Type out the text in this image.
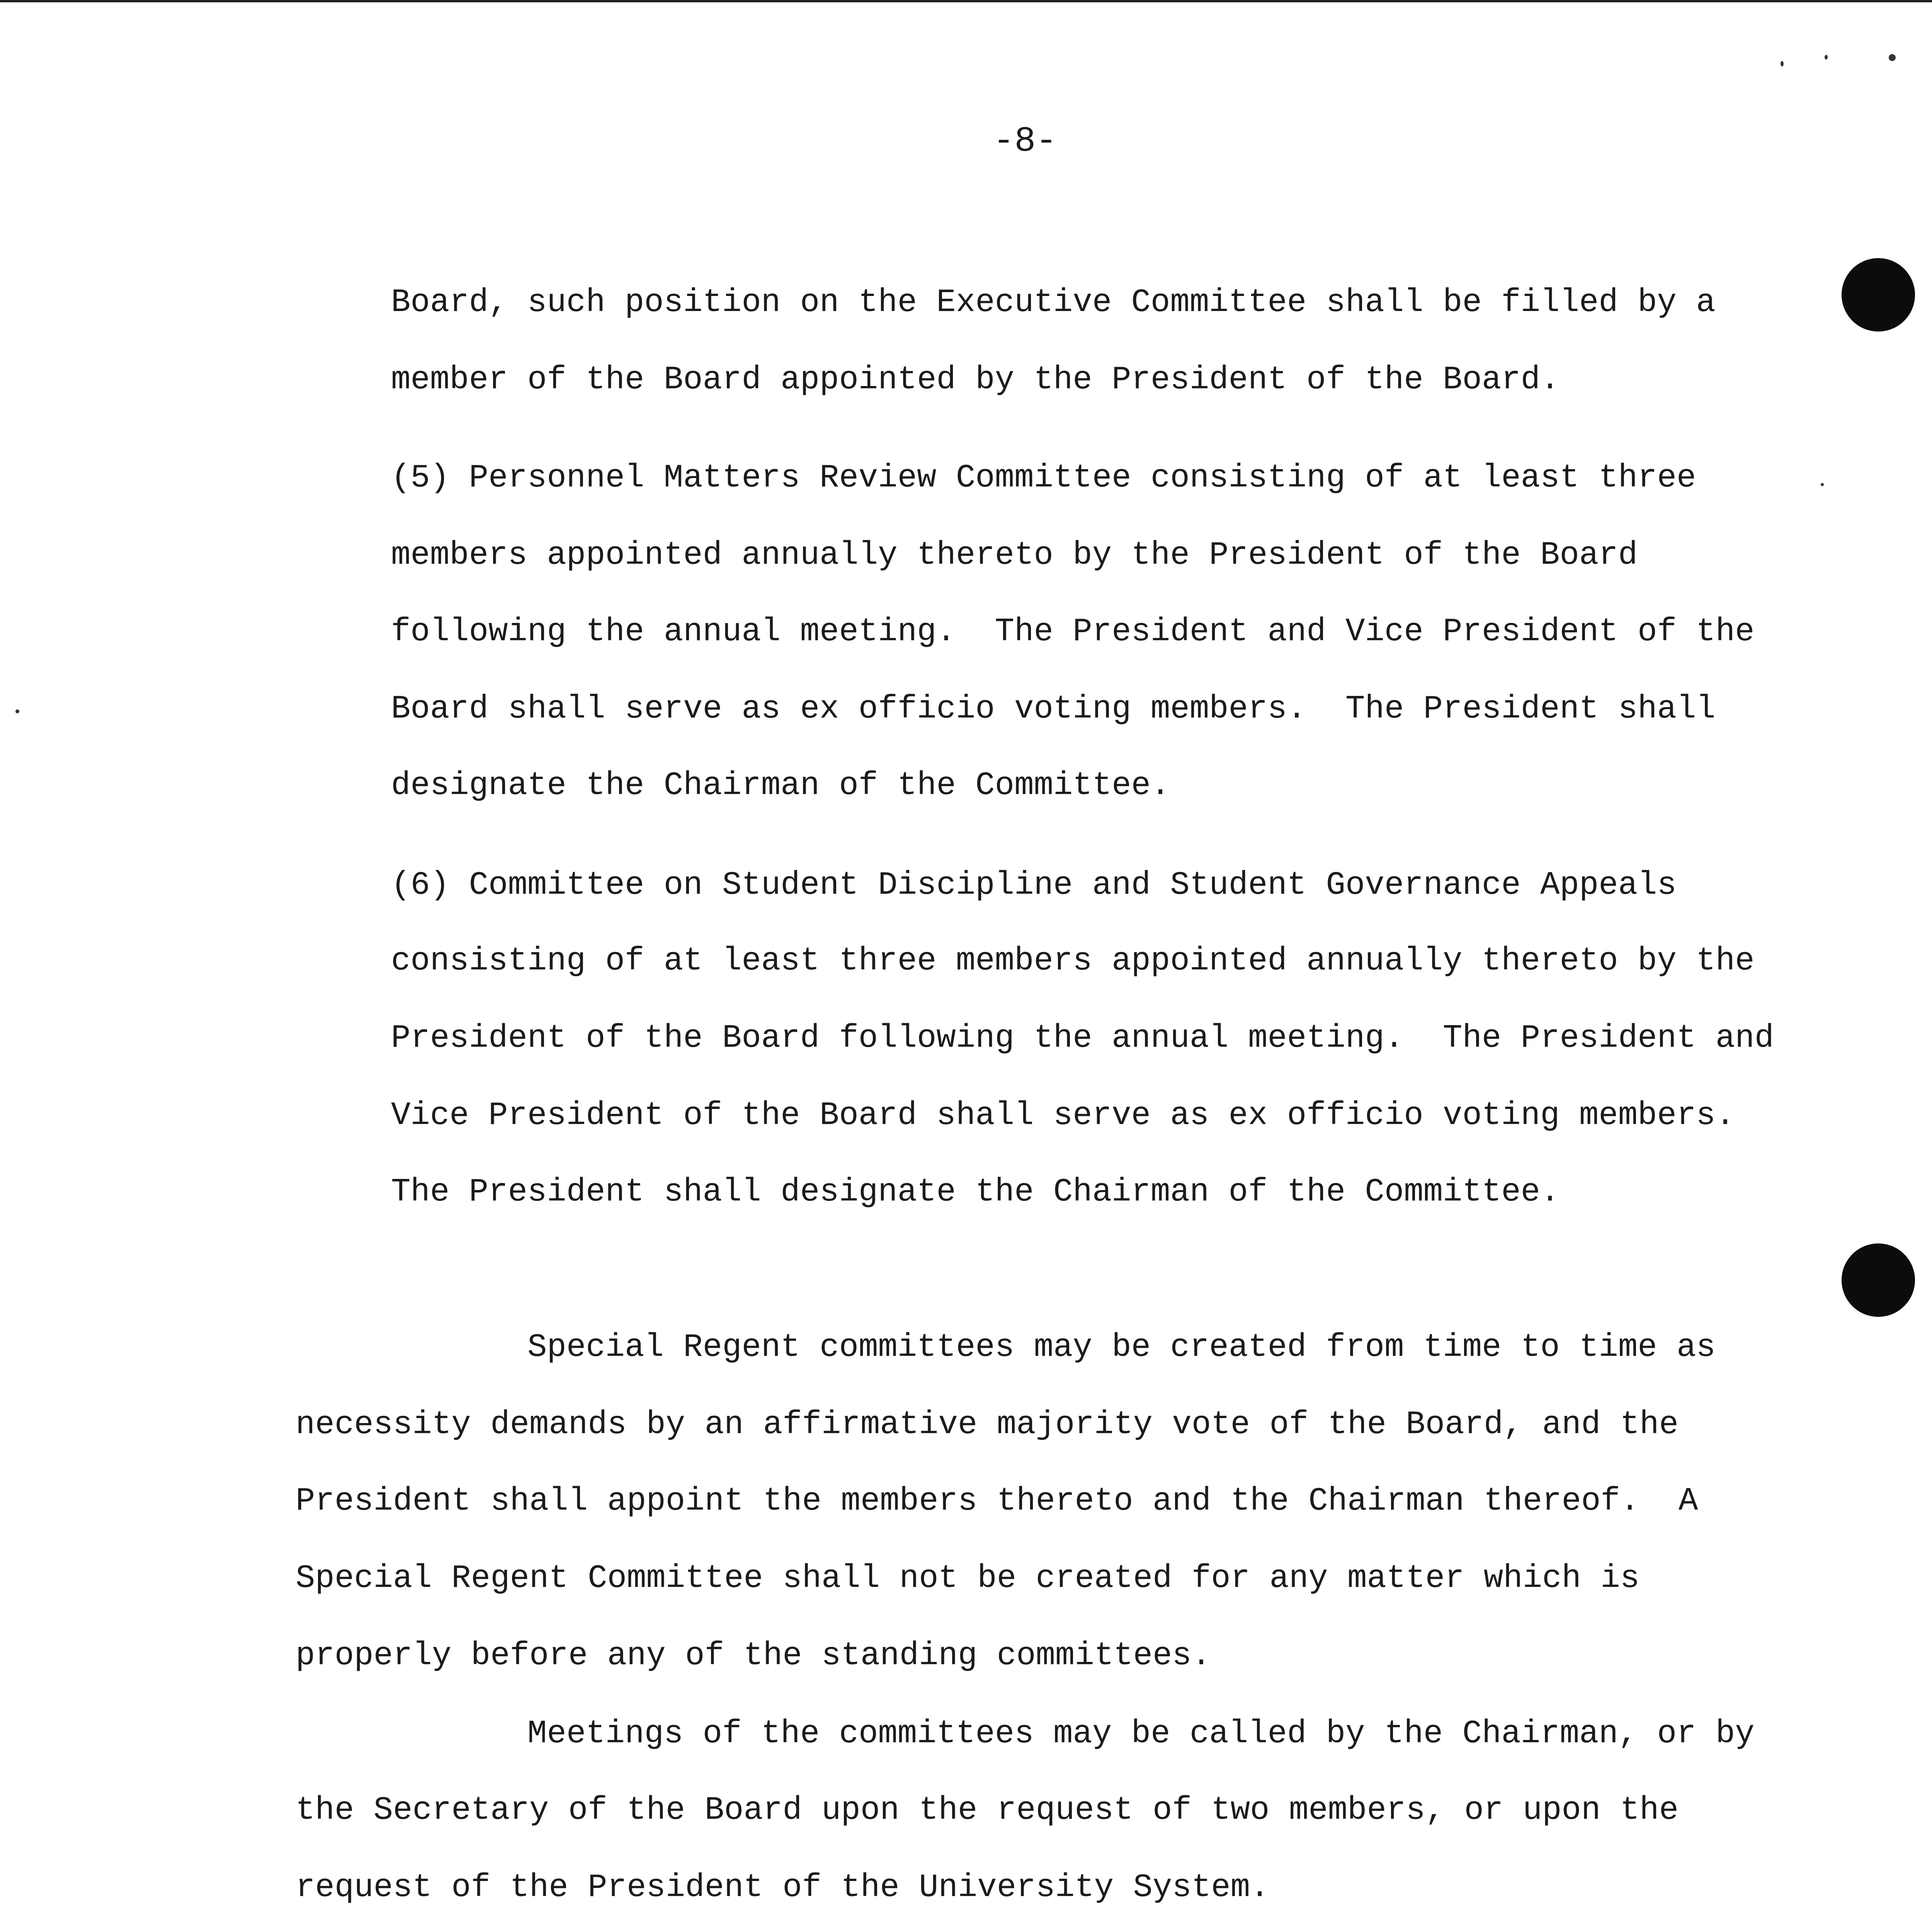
-8-
Board, such position on the Executive Committee shall be filled by a
member of the Board appointed by the President of the Board.
(5) Personnel Matters Review Committee consisting of at least three
members appointed annually thereto by the President of the Board
following the annual meeting.  The President and Vice President of the
Board shall serve as ex officio voting members.  The President shall
designate the Chairman of the Committee.
(6) Committee on Student Discipline and Student Governance Appeals
consisting of at least three members appointed annually thereto by the
President of the Board following the annual meeting.  The President and
Vice President of the Board shall serve as ex officio voting members.
The President shall designate the Chairman of the Committee.
Special Regent committees may be created from time to time as
necessity demands by an affirmative majority vote of the Board, and the
President shall appoint the members thereto and the Chairman thereof.  A
Special Regent Committee shall not be created for any matter which is
properly before any of the standing committees.
Meetings of the committees may be called by the Chairman, or by
the Secretary of the Board upon the request of two members, or upon the
request of the President of the University System.
